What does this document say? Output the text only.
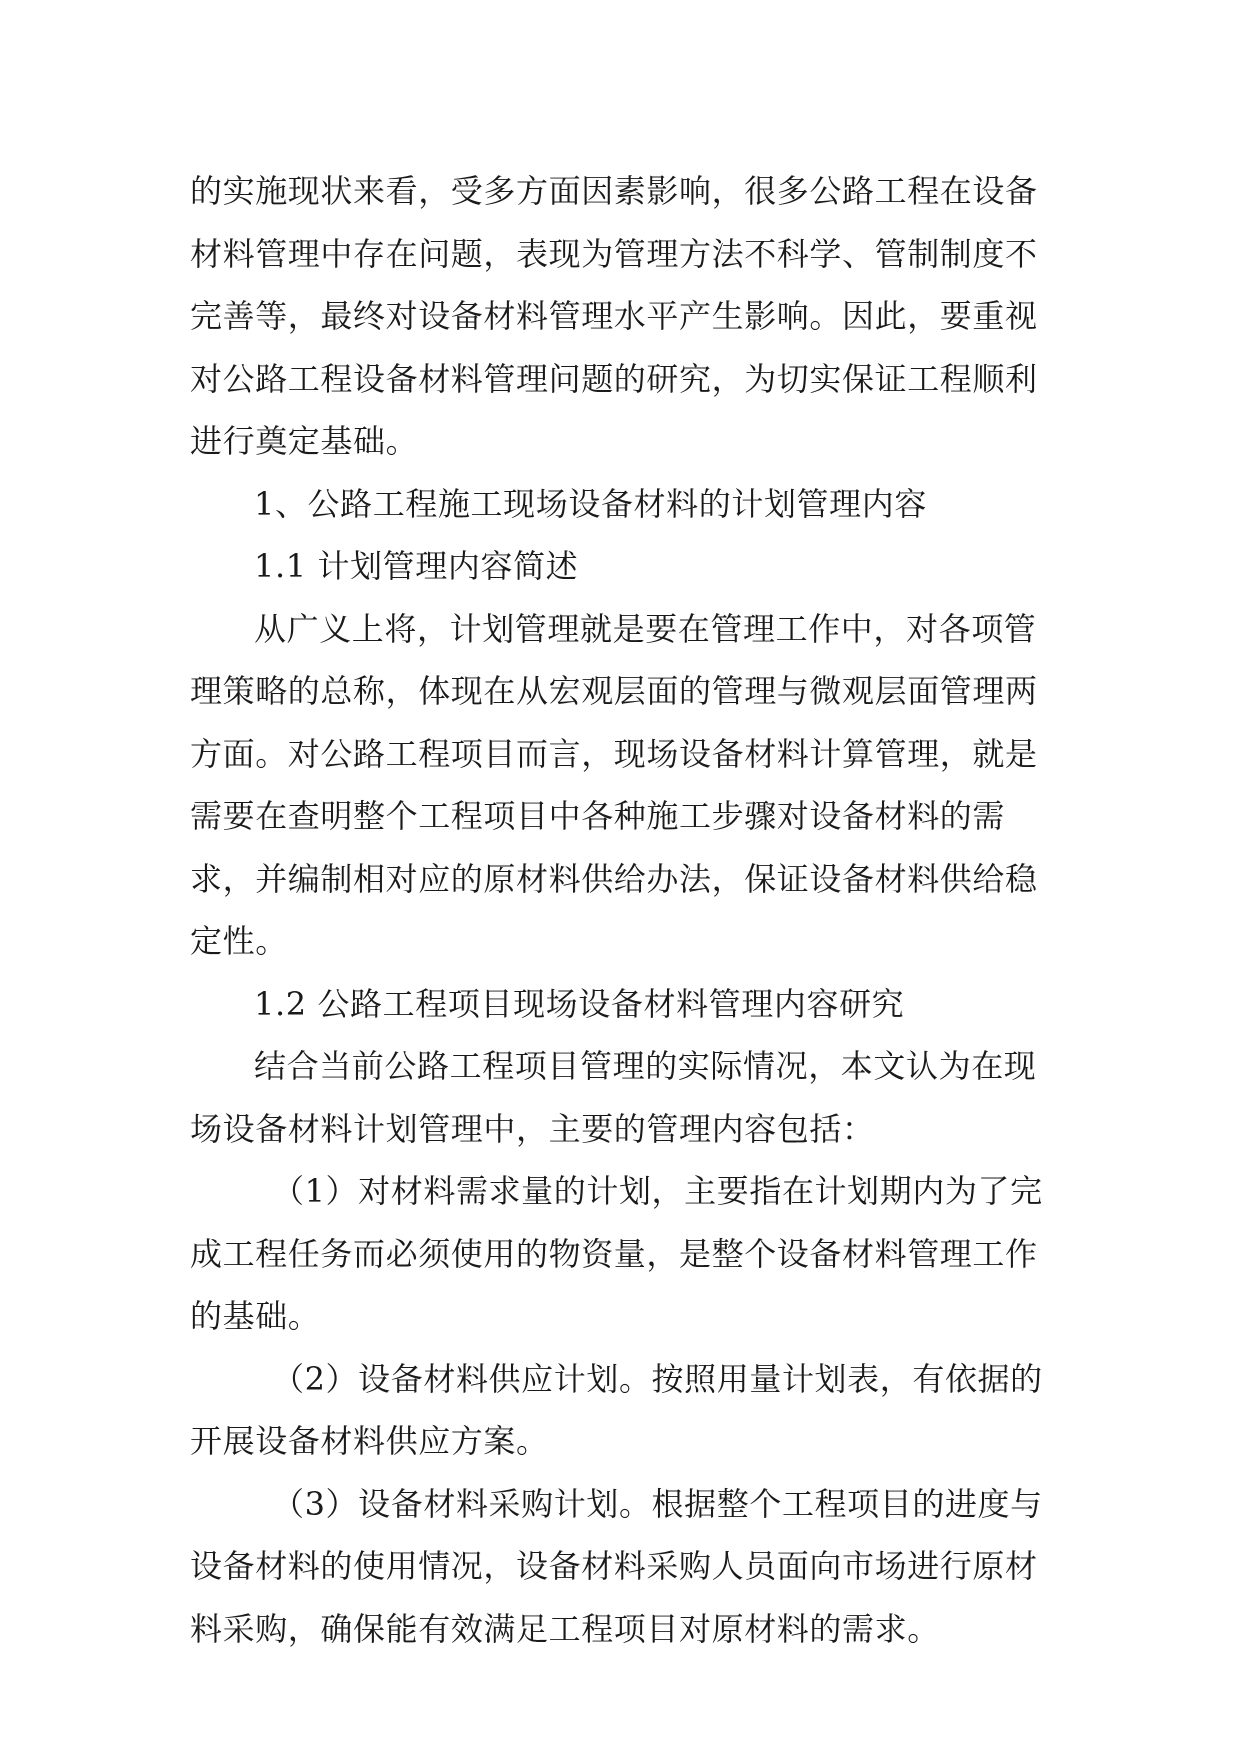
的实施现状来看，受多方面因素影响，很多公路工程在设备
材料管理中存在问题，表现为管理方法不科学、管制制度不
完善等，最终对设备材料管理水平产生影响。因此，要重视
对公路工程设备材料管理问题的研究，为切实保证工程顺利
进行奠定基础。
1、公路工程施工现场设备材料的计划管理内容
1.1 计划管理内容简述
从广义上将，计划管理就是要在管理工作中，对各项管
理策略的总称，体现在从宏观层面的管理与微观层面管理两
方面。对公路工程项目而言，现场设备材料计算管理，就是
需要在查明整个工程项目中各种施工步骤对设备材料的需
求，并编制相对应的原材料供给办法，保证设备材料供给稳
定性。
1.2 公路工程项目现场设备材料管理内容研究
结合当前公路工程项目管理的实际情况，本文认为在现
场设备材料计划管理中，主要的管理内容包括：
（1）对材料需求量的计划，主要指在计划期内为了完
成工程任务而必须使用的物资量，是整个设备材料管理工作
的基础。
（2）设备材料供应计划。按照用量计划表，有依据的
开展设备材料供应方案。
（3）设备材料采购计划。根据整个工程项目的进度与
设备材料的使用情况，设备材料采购人员面向市场进行原材
料采购，确保能有效满足工程项目对原材料的需求。
